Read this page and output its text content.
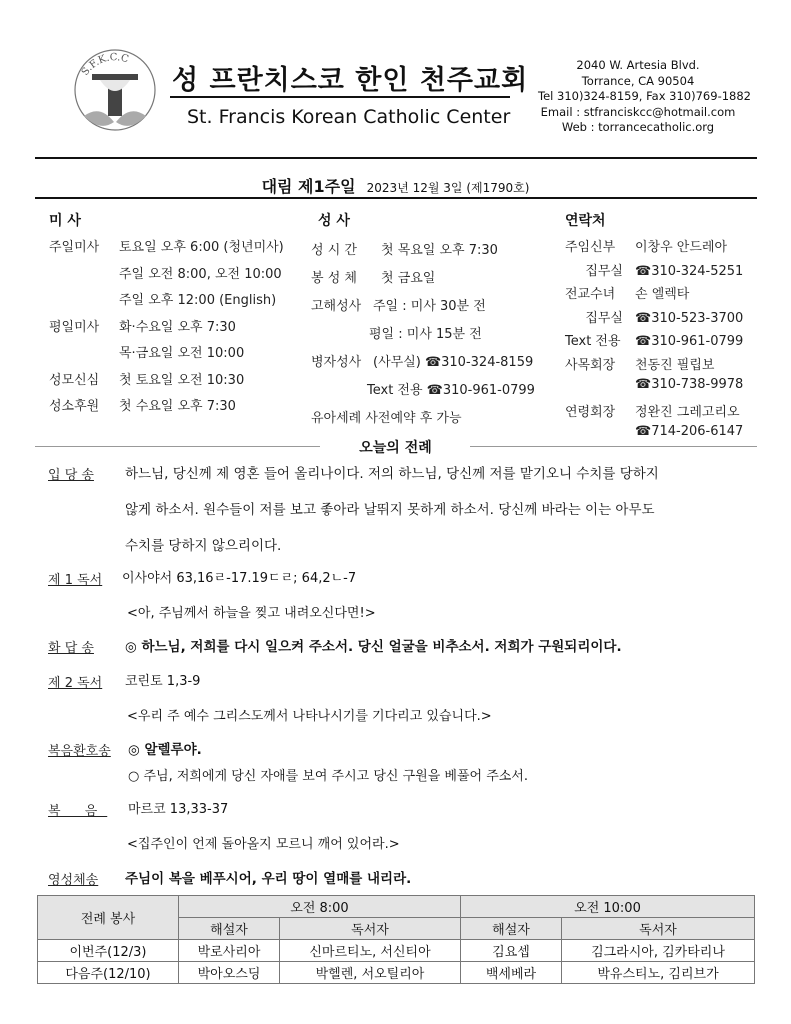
S.F.K.C.C
†	†
성 프란치스코 한인 천주교회
St. Francis Korean Catholic Center
2040 W. Artesia Blvd.
Torrance, CA 90504
Tel 310)324-8159, Fax 310)769-1882
Email : stfranciskcc@hotmail.com
Web : torrancecatholic.org
대림 제1주일 2023년 12월 3일 (제1790호)
미 사
주일미사 토요일 오후 6:00 (청년미사)
주일 오전 8:00, 오전 10:00
주일 오후 12:00 (English)
평일미사 화·수요일 오후 7:30
목·금요일 오전 10:00
성모신심 첫 토요일 오전 10:30
성소후원 첫 수요일 오후 7:30
성 사
성 시 간 첫 목요일 오후 7:30
봉 성 체 첫 금요일
고해성사 주일 : 미사 30분 전
평일 : 미사 15분 전
병자성사 (사무실) ☎310-324-8159
Text 전용 ☎310-961-0799
유아세례 사전예약 후 가능
연락처
주임신부 이창우 안드레아
집무실 ☎310-324-5251
전교수녀 손 엘렉타
집무실 ☎310-523-3700
Text 전용 ☎310-961-0799
사목회장 천동진 필립보
☎310-738-9978
연령회장 정완진 그레고리오
☎714-206-6147
오늘의 전례
입 당 송 하느님, 당신께 제 영혼 들어 올리나이다. 저의 하느님, 당신께 저를 맡기오니 수치를 당하지
않게 하소서. 원수들이 저를 보고 좋아라 날뛰지 못하게 하소서. 당신께 바라는 이는 아무도
수치를 당하지 않으리이다.
제 1 독서 이사야서 63,16ㄹ-17.19ㄷㄹ; 64,2ㄴ-7
<아, 주님께서 하늘을 찢고 내려오신다면!>
화 답 송 ◎ 하느님, 저희를 다시 일으켜 주소서. 당신 얼굴을 비추소서. 저희가 구원되리이다.
제 2 독서 코린토 1,3-9
<우리 주 예수 그리스도께서 나타나시기를 기다리고 있습니다.>
복음환호송 ◎ 알렐루야.
○ 주님, 저희에게 당신 자애를 보여 주시고 당신 구원을 베풀어 주소서.
복 음 마르코 13,33-37
<집주인이 언제 돌아올지 모르니 깨어 있어라.>
영성체송 주님이 복을 베푸시어, 우리 땅이 열매를 내리라.
전례 봉사	오전 8:00		오전 10:00	
	해설자	독서자	해설자	독서자
이번주(12/3)	박로사리아	신마르티노, 서신티아	김요셉	김그라시아, 김카타리나
다음주(12/10)	박아오스딩	박헬렌, 서오틸리아	백세베라	박유스티노, 김리브가
